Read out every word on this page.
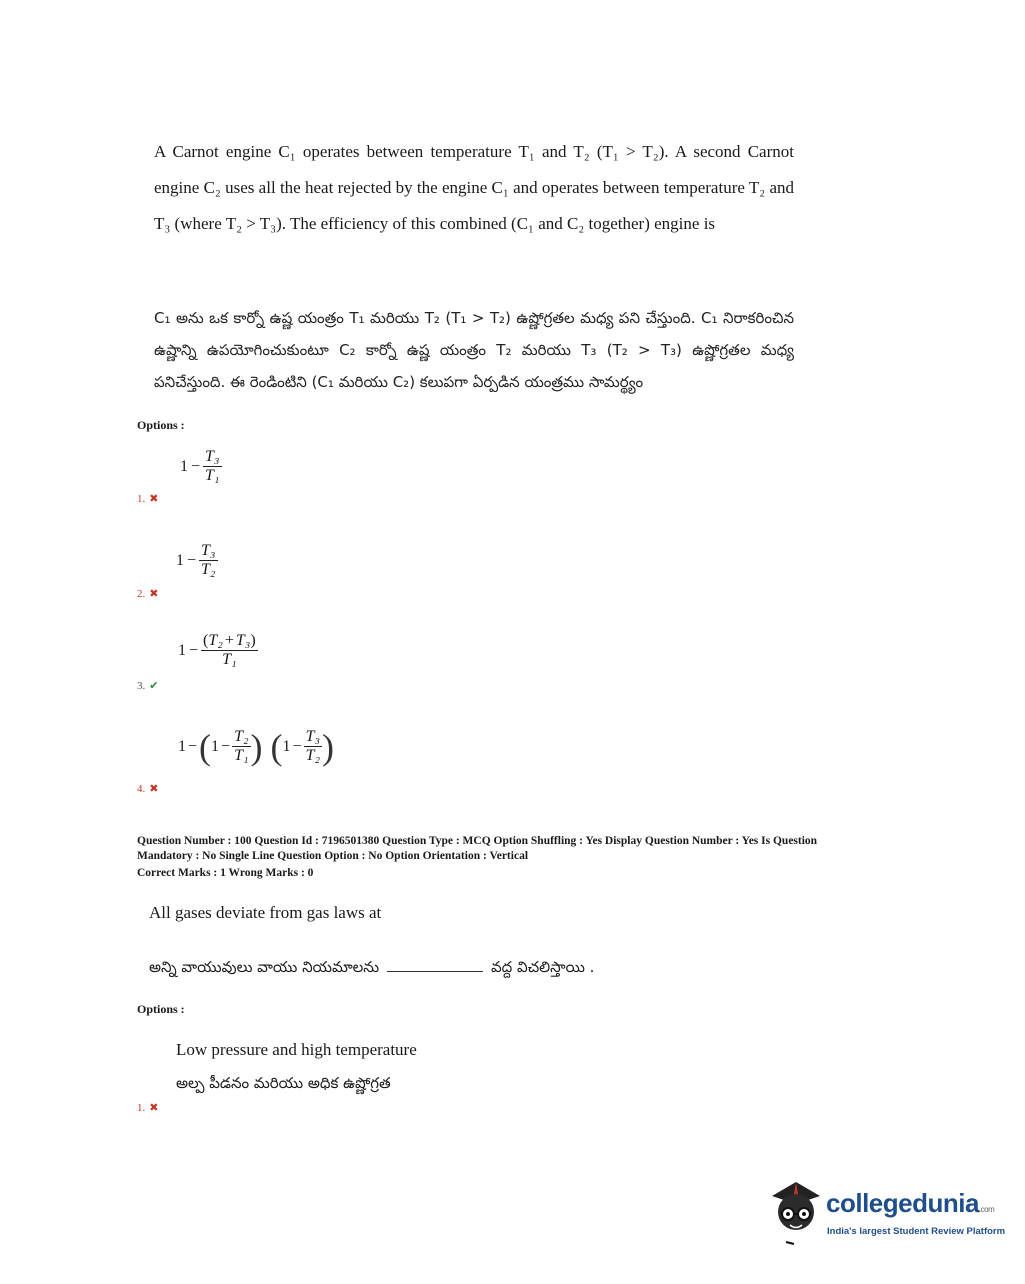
A Carnot engine C₁ operates between temperature T₁ and T₂ (T₁ > T₂). A second Carnot engine C₂ uses all the heat rejected by the engine C₁ and operates between temperature T₂ and T₃ (where T₂ > T₃). The efficiency of this combined (C₁ and C₂ together) engine is
C₁ అను ఒక కార్నో ఉష్ణ యంత్రం T₁ మరియు T₂ (T₁ > T₂) ఉష్ణోగ్రతల మధ్య పని చేస్తుంది. C₁ నిరాకరించిన ఉష్ణాన్ని ఉపయోగించుకుంటూ C₂ కార్నో ఉష్ణ యంత్రం T₂ మరియు T₃ (T₂ > T₃) ఉష్ణోగ్రతల మధ్య పనిచేస్తుంది. ఈ రెండింటిని (C₁ మరియు C₂) కలుపగా ఏర్పడిన యంత్రము సామర్థ్యం
Options :
$1 - \frac{\text{T₃}}{\text{T₁}}$
1. ✖
$1 - \frac{\text{T₃}}{\text{T₂}}$
2. ✖
$1 - \frac{\text{(T₂ + T₃)}}{\text{T₁}}$
3. ✔
1 − ( $1 - \frac{\text{T₂}}{\text{T₁}}$ ) ( $1 - \frac{\text{T₃}}{\text{T₂}}$ )
4. ✖
Question Number : 100 Question Id : 7196501380 Question Type : MCQ Option Shuffling : Yes Display Question Number : Yes Is Question
Mandatory : No Single Line Question Option : No Option Orientation : Vertical
Correct Marks : 1 Wrong Marks : 0
All gases deviate from gas laws at
అన్ని వాయువులు వాయు నియమాలను	వద్ద విచలిస్తాయి .
Options :
Low pressure and high temperature
అల్ప పీడనం మరియు అధిక ఉష్ణోగ్రత
1. ✖
collegedunia.com
India's largest Student Review Platform
